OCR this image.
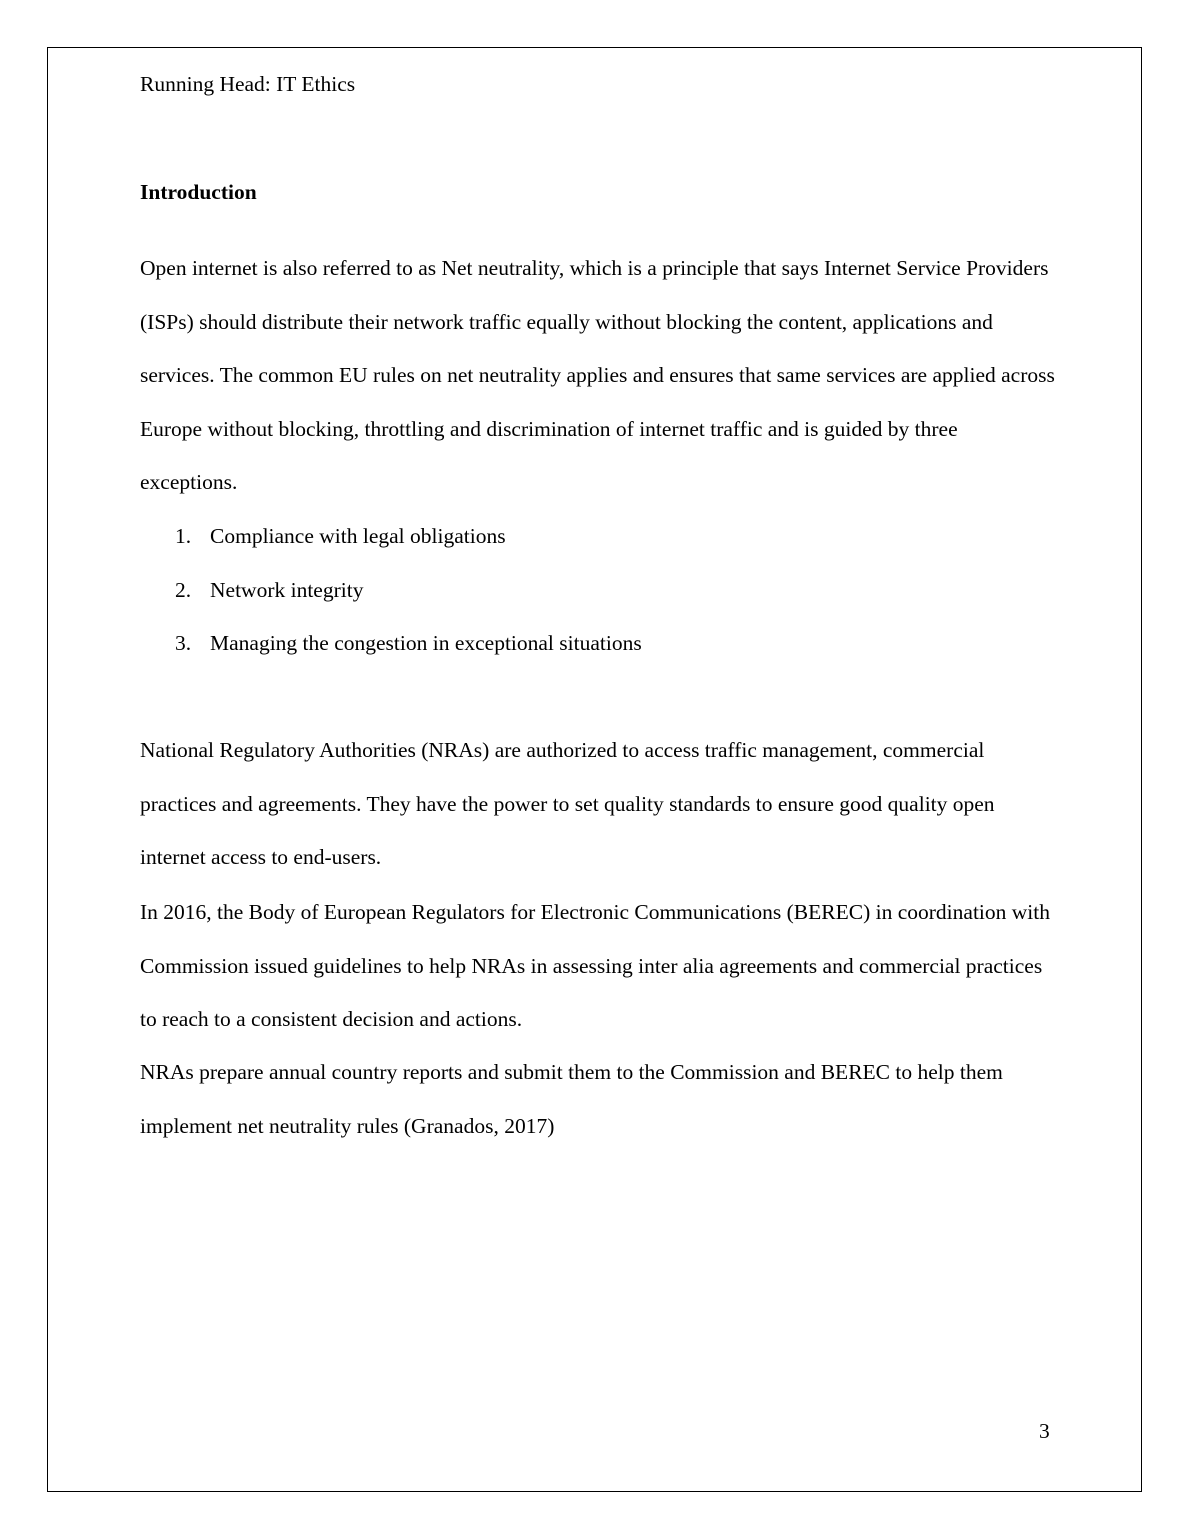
Running Head: IT Ethics
Introduction

Open internet is also referred to as Net neutrality, which is a principle that says Internet Service Providers (ISPs) should distribute their network traffic equally without blocking the content, applications and services. The common EU rules on net neutrality applies and ensures that same services are applied across Europe without blocking, throttling and discrimination of internet traffic and is guided by three exceptions.

1. Compliance with legal obligations
2. Network integrity
3. Managing the congestion in exceptional situations

National Regulatory Authorities (NRAs) are authorized to access traffic management, commercial practices and agreements. They have the power to set quality standards to ensure good quality open internet access to end-users.

In 2016, the Body of European Regulators for Electronic Communications (BEREC) in coordination with Commission issued guidelines to help NRAs in assessing inter alia agreements and commercial practices to reach to a consistent decision and actions.

NRAs prepare annual country reports and submit them to the Commission and BEREC to help them implement net neutrality rules (Granados, 2017)

3
